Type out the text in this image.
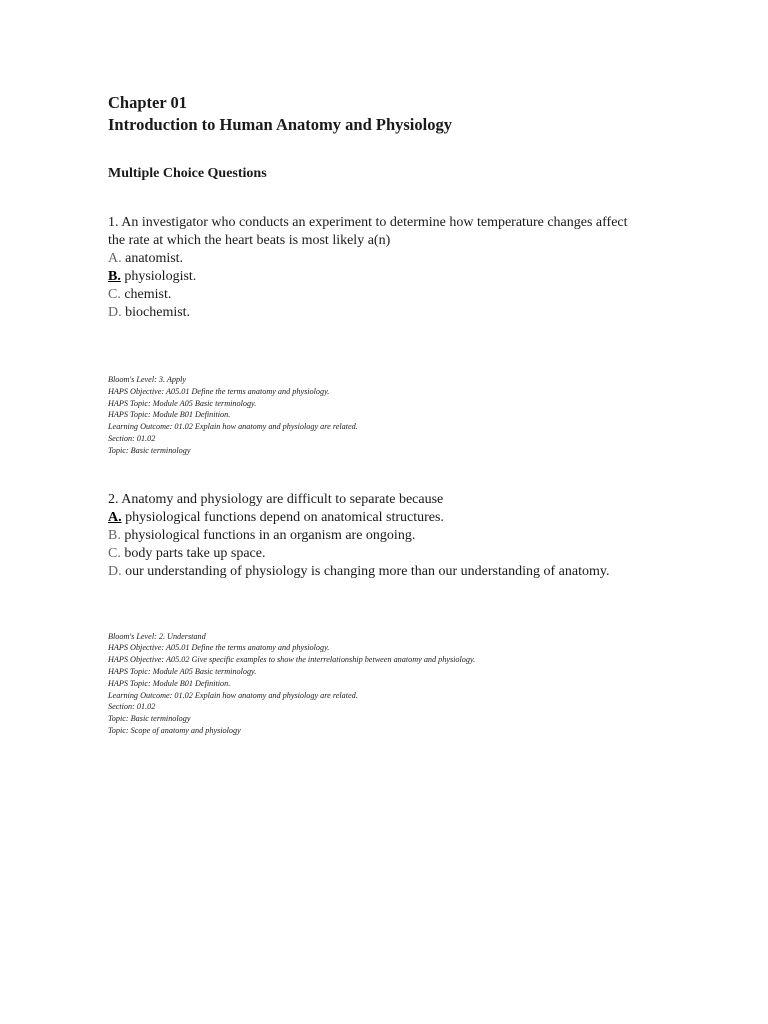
Chapter 01

Introduction to Human Anatomy and Physiology

Multiple Choice Questions

1. An investigator who conducts an experiment to determine how temperature changes affect

the rate at which the heart beats is most likely a(n)

A. anatomist.

B. physiologist.

C. chemist.

D. biochemist.

Bloom's Level: 3. Apply

HAPS Objective: A05.01 Define the terms anatomy and physiology.

HAPS Topic: Module A05 Basic terminology.

HAPS Topic: Module B01 Definition.

Learning Outcome: 01.02 Explain how anatomy and physiology are related.

Section: 01.02

Topic: Basic terminology

2. Anatomy and physiology are difficult to separate because

A. physiological functions depend on anatomical structures.

B. physiological functions in an organism are ongoing.

C. body parts take up space.

D. our understanding of physiology is changing more than our understanding of anatomy.

Bloom's Level: 2. Understand

HAPS Objective: A05.01 Define the terms anatomy and physiology.

HAPS Objective: A05.02 Give specific examples to show the interrelationship between anatomy and physiology.

HAPS Topic: Module A05 Basic terminology.

HAPS Topic: Module B01 Definition.

Learning Outcome: 01.02 Explain how anatomy and physiology are related.

Section: 01.02

Topic: Basic terminology

Topic: Scope of anatomy and physiology
